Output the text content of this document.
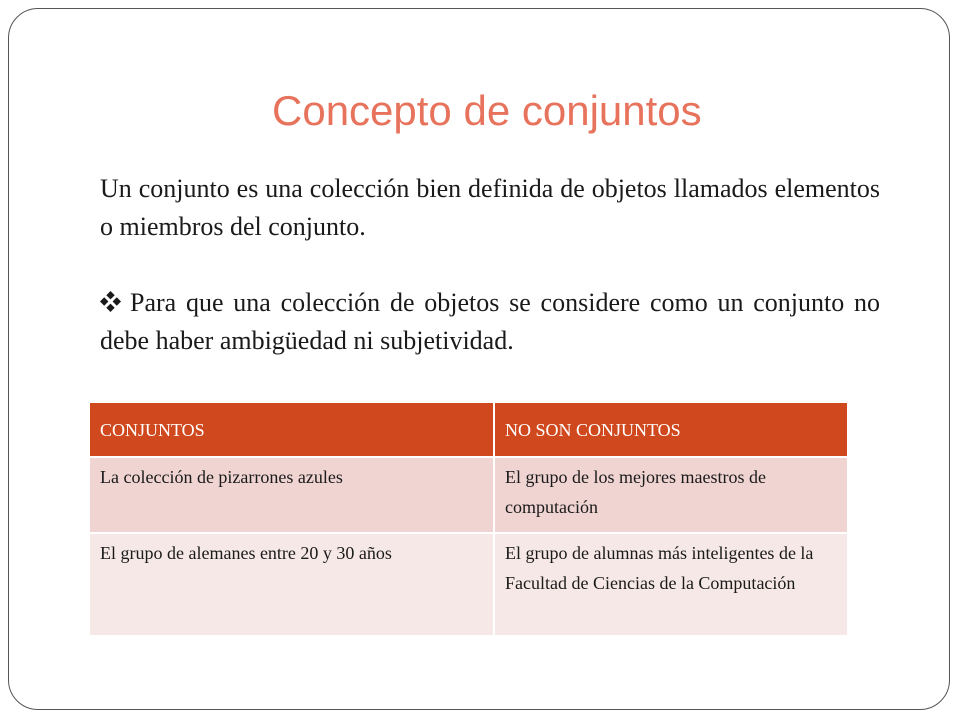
Concepto de conjuntos

Un conjunto es una colección bien definida de objetos llamados elementos o miembros del conjunto.

Para que una colección de objetos se considere como un conjunto no debe haber ambigüedad ni subjetividad.

CONJUNTOS	NO SON CONJUNTOS
La colección de pizarrones azules	El grupo de los mejores maestros de computación
El grupo de alemanes entre 20 y 30 años	El grupo de alumnas más inteligentes de la Facultad de Ciencias de la Computación
